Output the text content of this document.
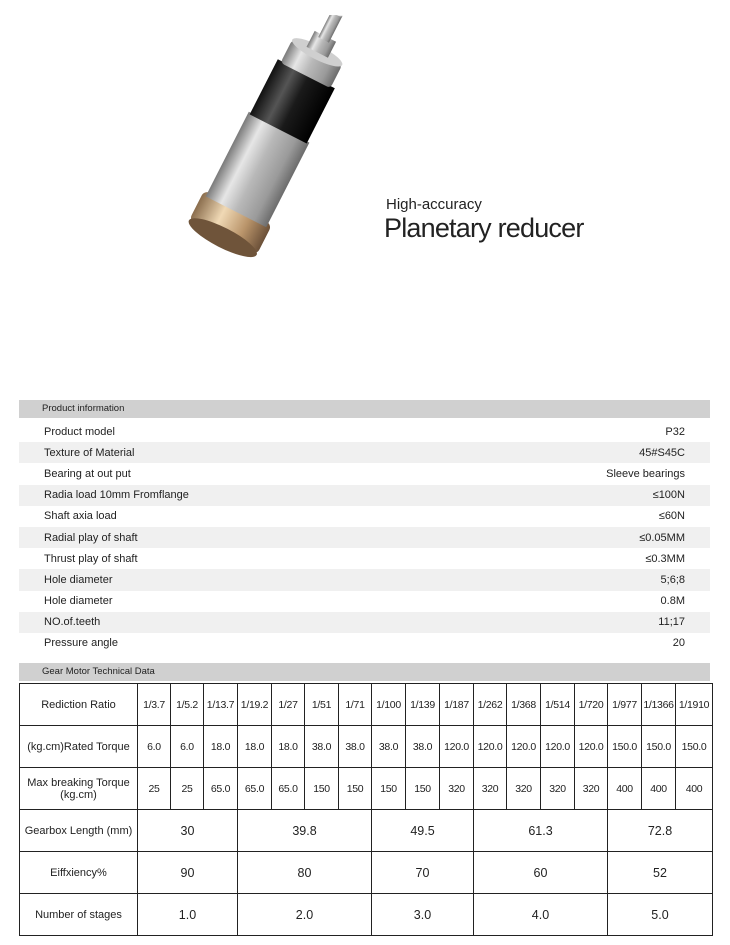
High-accuracy
Planetary reducer
Product information
Product model	P32
Texture of Material	45#S45C
Bearing at out put	Sleeve bearings
Radia load 10mm Fromflange	≤100N
Shaft axia load	≤60N
Radial play of shaft	≤0.05MM
Thrust play of shaft	≤0.3MM
Hole diameter	5;6;8
Hole diameter	0.8M
NO.of.teeth	11;17
Pressure angle	20
Gear Motor Technical Data
Rediction Ratio	1/3.7	1/5.2	1/13.7	1/19.2	1/27	1/51	1/71	1/100	1/139	1/187	1/262	1/368	1/514	1/720	1/977	1/1366	1/1910
(kg.cm)Rated Torque	6.0	6.0	18.0	18.0	18.0	38.0	38.0	38.0	38.0	120.0	120.0	120.0	120.0	120.0	150.0	150.0	150.0
Max breaking Torque (kg.cm)	25	25	65.0	65.0	65.0	150	150	150	150	320	320	320	320	320	400	400	400
Gearbox Length (mm)	30			39.8				49.5			61.3				72.8		
Eiffxiency%	90			80				70			60				52		
Number of stages	1.0			2.0				3.0			4.0				5.0		
